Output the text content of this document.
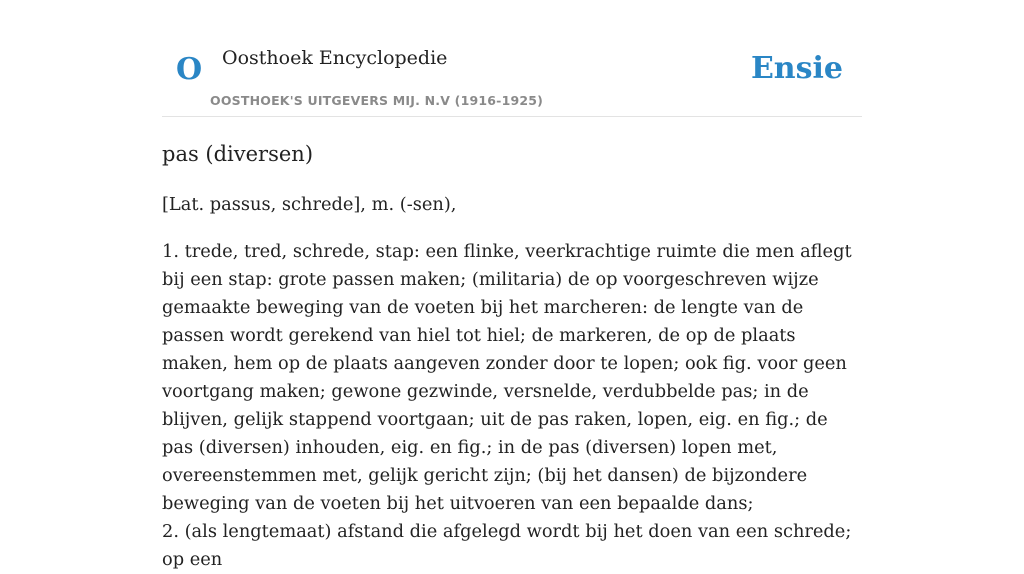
O Oosthoek Encyclopedie
OOSTHOEK'S UITGEVERS MIJ. N.V (1916-1925)
Ensie
pas (diversen)

[Lat. passus, schrede], m. (-sen),

1. trede, tred, schrede, stap: een flinke, veerkrachtige ruimte die men aflegt bij een stap: grote passen maken; (militaria) de op voorgeschreven wijze gemaakte beweging van de voeten bij het marcheren: de lengte van de passen wordt gerekend van hiel tot hiel; de markeren, de op de plaats maken, hem op de plaats aangeven zonder door te lopen; ook fig. voor geen voortgang maken; gewone gezwinde, versnelde, verdubbelde pas; in de blijven, gelijk stappend voortgaan; uit de pas raken, lopen, eig. en fig.; de pas (diversen) inhouden, eig. en fig.; in de pas (diversen) lopen met, overeenstemmen met, gelijk gericht zijn; (bij het dansen) de bijzondere beweging van de voeten bij het uitvoeren van een bepaalde dans;

2. (als lengtemaat) afstand die afgelegd wordt bij het doen van een schrede; op een
